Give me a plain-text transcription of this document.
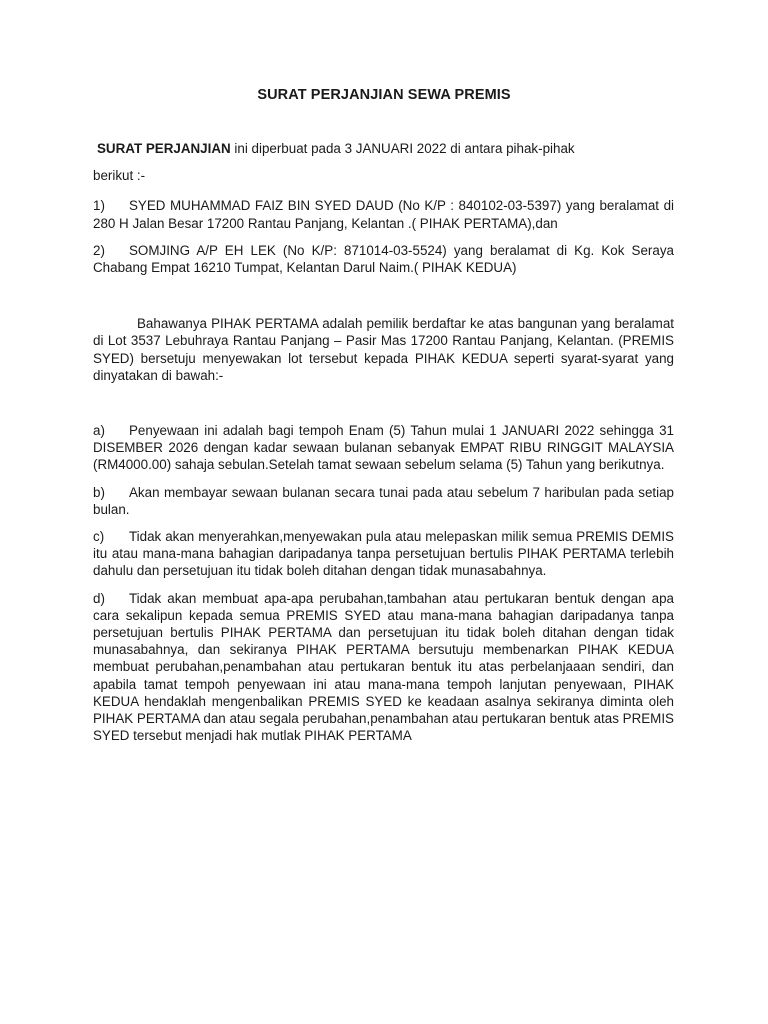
SURAT PERJANJIAN SEWA PREMIS

SURAT PERJANJIAN ini diperbuat pada 3 JANUARI 2022 di antara pihak-pihak

berikut :-

1) SYED MUHAMMAD FAIZ BIN SYED DAUD (No K/P : 840102-03-5397) yang beralamat di 280 H Jalan Besar 17200 Rantau Panjang, Kelantan .( PIHAK PERTAMA),dan

2) SOMJING A/P EH LEK (No K/P: 871014-03-5524) yang beralamat di Kg. Kok Seraya Chabang Empat 16210 Tumpat, Kelantan Darul Naim.( PIHAK KEDUA)

Bahawanya PIHAK PERTAMA adalah pemilik berdaftar ke atas bangunan yang beralamat di Lot 3537 Lebuhraya Rantau Panjang – Pasir Mas 17200 Rantau Panjang, Kelantan. (PREMIS SYED) bersetuju menyewakan lot tersebut kepada PIHAK KEDUA seperti syarat-syarat yang dinyatakan di bawah:-

a) Penyewaan ini adalah bagi tempoh Enam (5) Tahun mulai 1 JANUARI 2022 sehingga 31 DISEMBER 2026 dengan kadar sewaan bulanan sebanyak EMPAT RIBU RINGGIT MALAYSIA (RM4000.00) sahaja sebulan.Setelah tamat sewaan sebelum selama (5) Tahun yang berikutnya.

b) Akan membayar sewaan bulanan secara tunai pada atau sebelum 7 haribulan pada setiap bulan.

c) Tidak akan menyerahkan,menyewakan pula atau melepaskan milik semua PREMIS DEMIS itu atau mana-mana bahagian daripadanya tanpa persetujuan bertulis PIHAK PERTAMA terlebih dahulu dan persetujuan itu tidak boleh ditahan dengan tidak munasabahnya.

d) Tidak akan membuat apa-apa perubahan,tambahan atau pertukaran bentuk dengan apa cara sekalipun kepada semua PREMIS SYED atau mana-mana bahagian daripadanya tanpa persetujuan bertulis PIHAK PERTAMA dan persetujuan itu tidak boleh ditahan dengan tidak munasabahnya, dan sekiranya PIHAK PERTAMA bersutuju membenarkan PIHAK KEDUA membuat perubahan,penambahan atau pertukaran bentuk itu atas perbelanjaaan sendiri, dan apabila tamat tempoh penyewaan ini atau mana-mana tempoh lanjutan penyewaan, PIHAK KEDUA hendaklah mengenbalikan PREMIS SYED ke keadaan asalnya sekiranya diminta oleh PIHAK PERTAMA dan atau segala perubahan,penambahan atau pertukaran bentuk atas PREMIS SYED tersebut menjadi hak mutlak PIHAK PERTAMA
